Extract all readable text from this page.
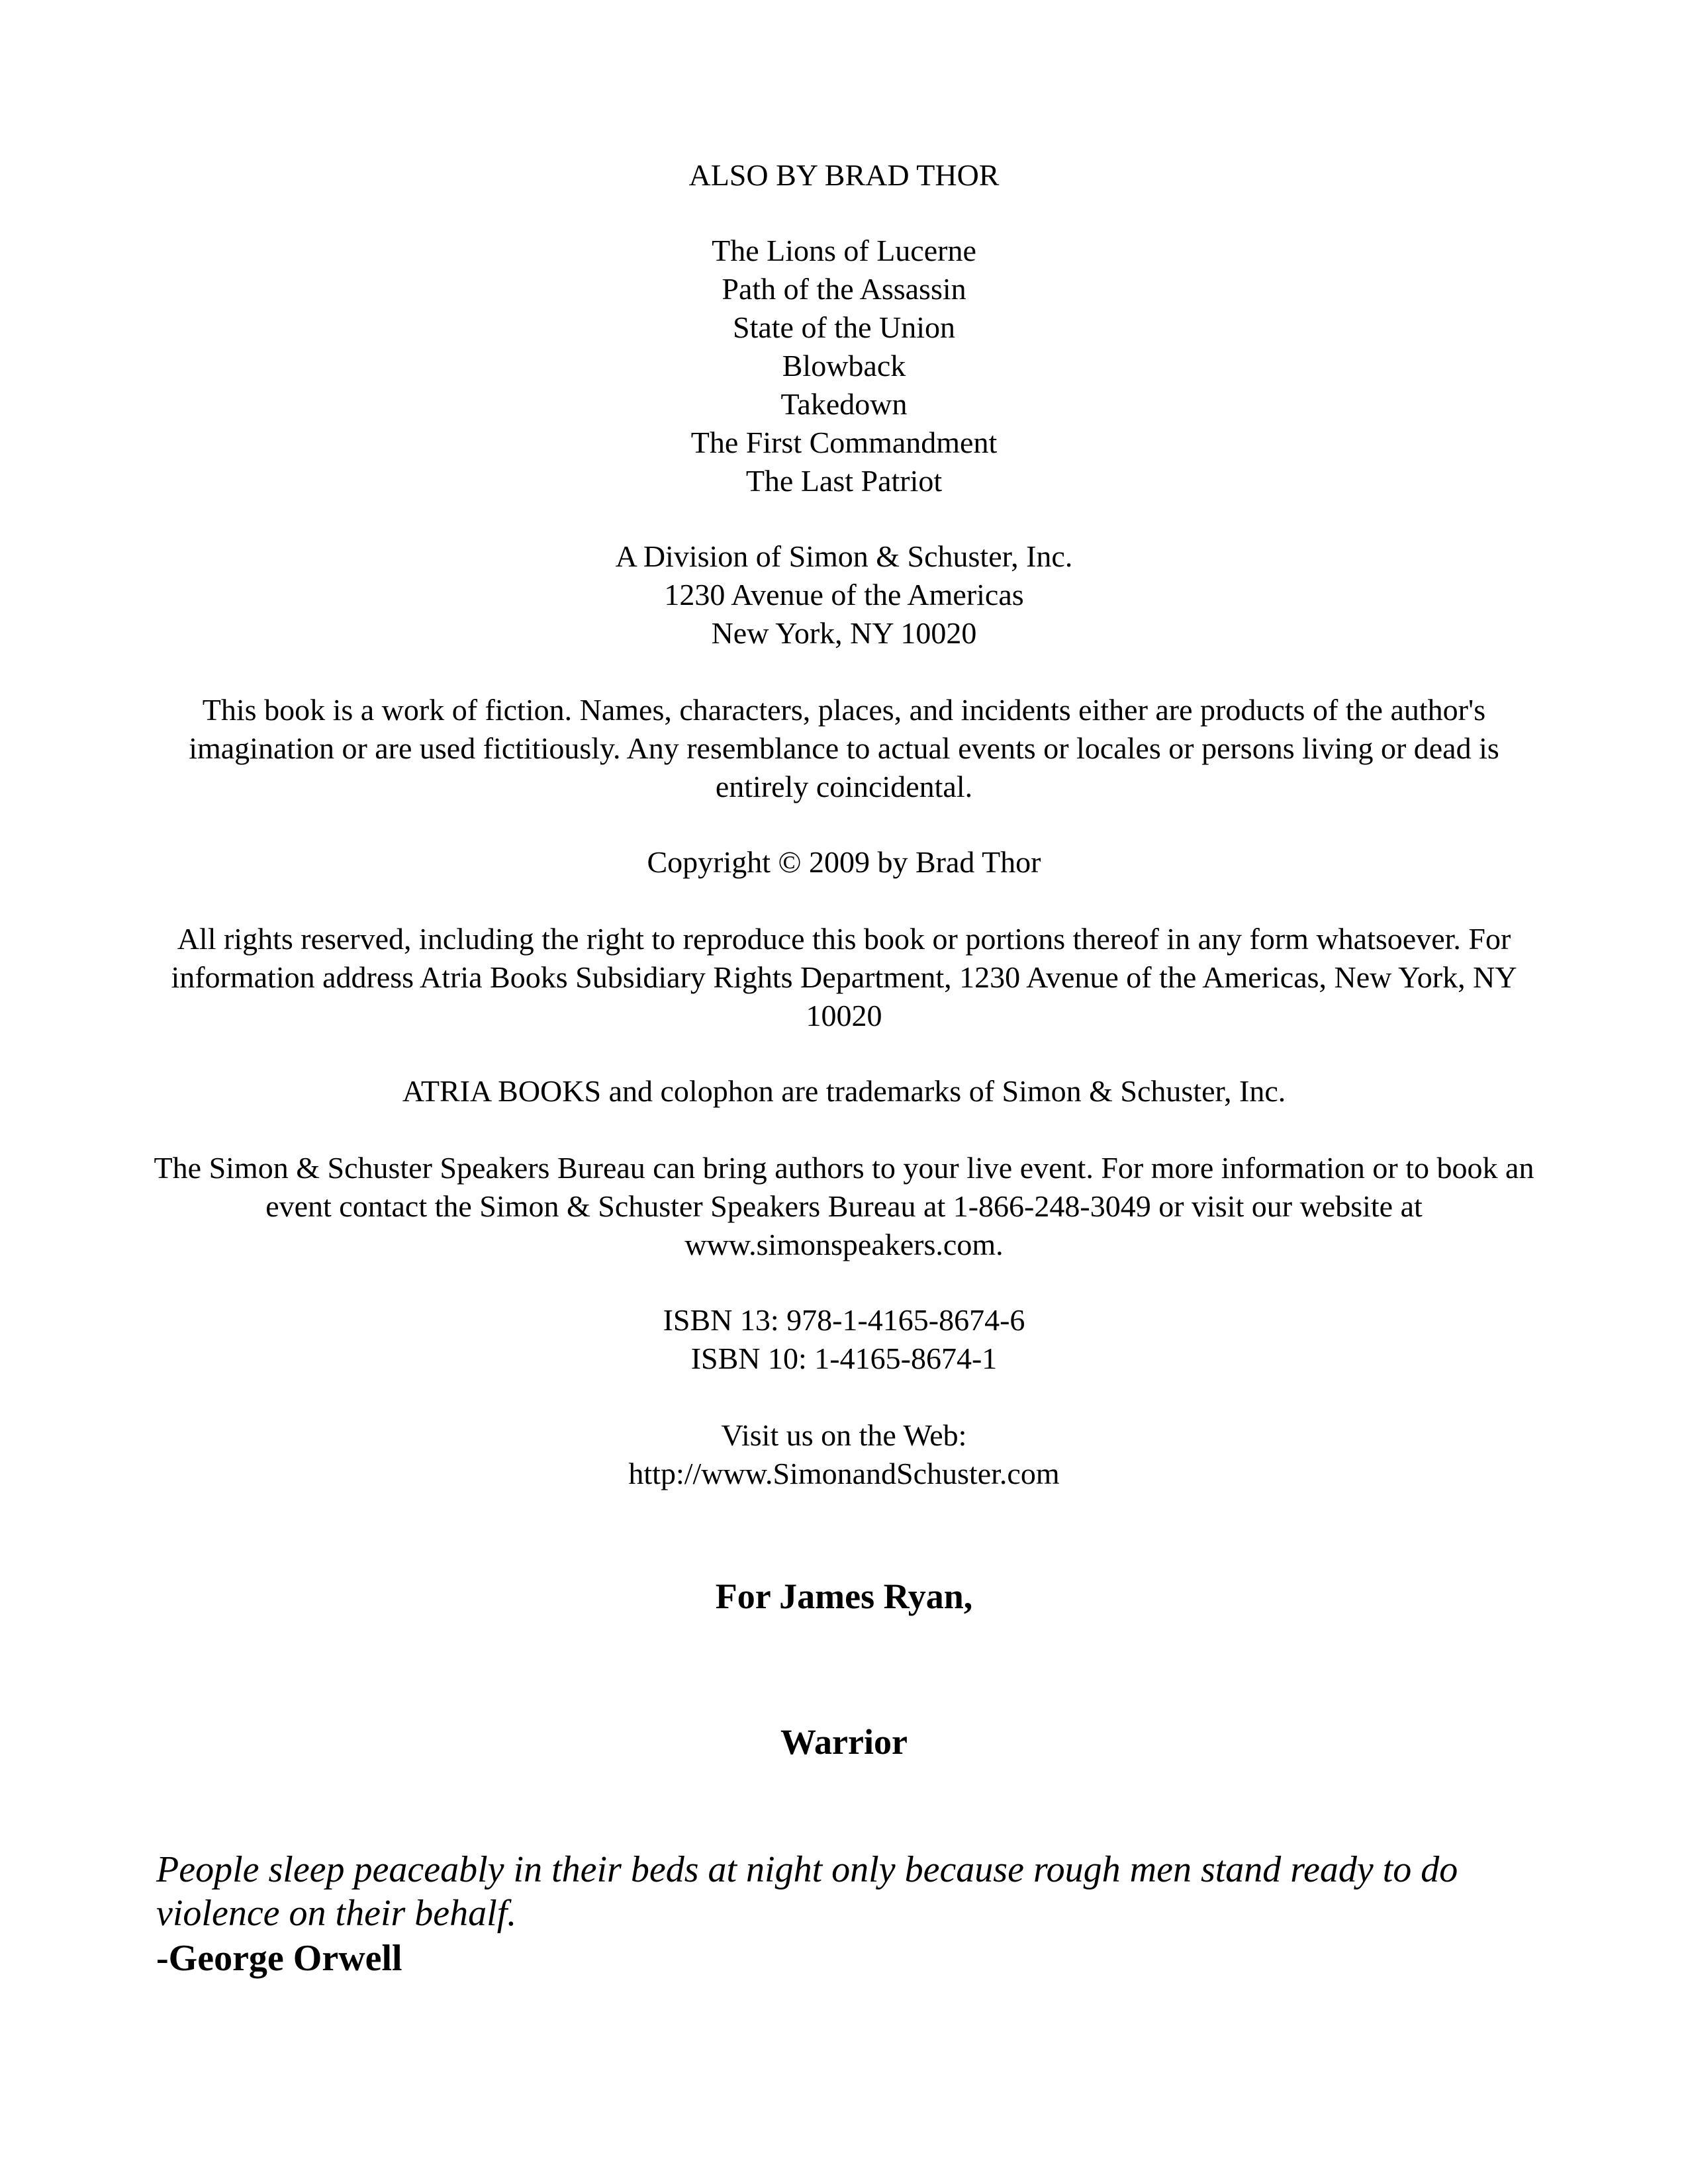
ALSO BY BRAD THOR
The Lions of Lucerne
Path of the Assassin
State of the Union
Blowback
Takedown
The First Commandment
The Last Patriot
A Division of Simon & Schuster, Inc.
1230 Avenue of the Americas
New York, NY 10020
This book is a work of fiction. Names, characters, places, and incidents either are products of the author's imagination or are used fictitiously. Any resemblance to actual events or locales or persons living or dead is entirely coincidental.
Copyright © 2009 by Brad Thor
All rights reserved, including the right to reproduce this book or portions thereof in any form whatsoever. For information address Atria Books Subsidiary Rights Department, 1230 Avenue of the Americas, New York, NY 10020
ATRIA BOOKS and colophon are trademarks of Simon & Schuster, Inc.
The Simon & Schuster Speakers Bureau can bring authors to your live event. For more information or to book an event contact the Simon & Schuster Speakers Bureau at 1-866-248-3049 or visit our website at www.simonspeakers.com.
ISBN 13: 978-1-4165-8674-6
ISBN 10: 1-4165-8674-1
Visit us on the Web:
http://www.SimonandSchuster.com
For James Ryan,
Warrior
People sleep peaceably in their beds at night only because rough men stand ready to do violence on their behalf.
-George Orwell
